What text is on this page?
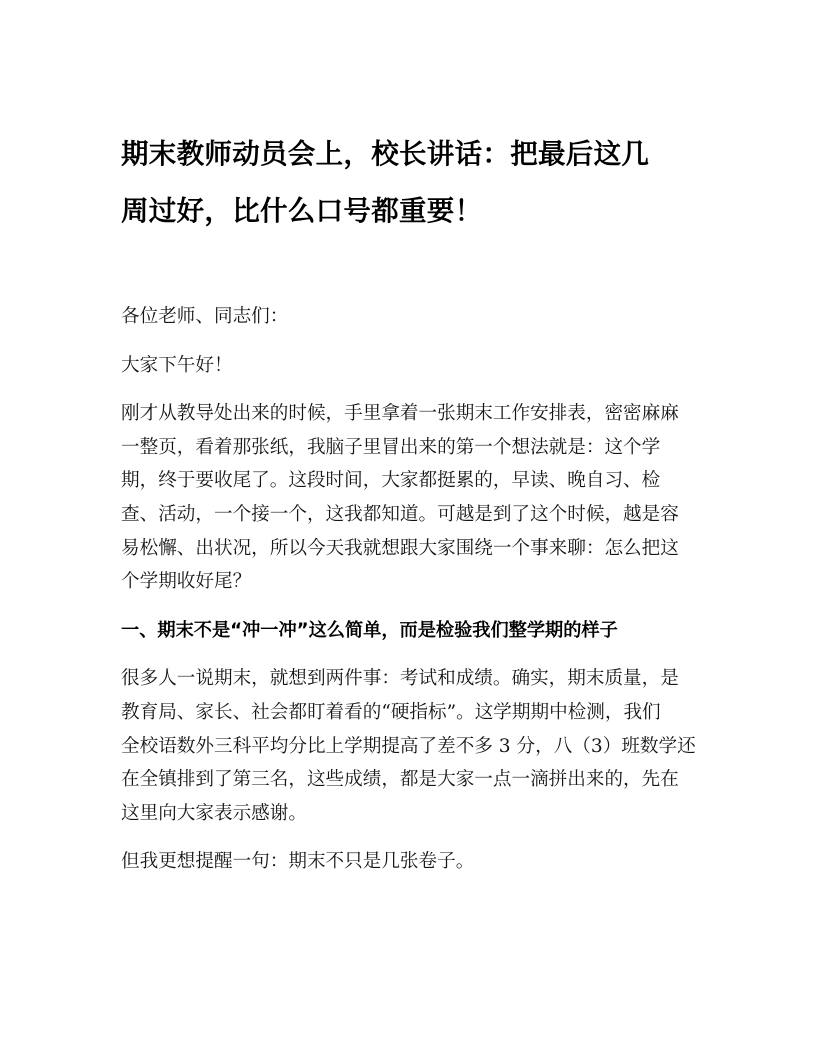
期末教师动员会上，校长讲话：把最后这几
周过好，比什么口号都重要！

各位老师、同志们：

大家下午好！

刚才从教导处出来的时候，手里拿着一张期末工作安排表，密密麻麻
一整页，看着那张纸，我脑子里冒出来的第一个想法就是：这个学
期，终于要收尾了。这段时间，大家都挺累的，早读、晚自习、检
查、活动，一个接一个，这我都知道。可越是到了这个时候，越是容
易松懈、出状况，所以今天我就想跟大家围绕一个事来聊：怎么把这
个学期收好尾？

一、期末不是“冲一冲”这么简单，而是检验我们整学期的样子

很多人一说期末，就想到两件事：考试和成绩。确实，期末质量，是
教育局、家长、社会都盯着看的“硬指标”。这学期期中检测，我们
全校语数外三科平均分比上学期提高了差不多 3 分，八（3）班数学还
在全镇排到了第三名，这些成绩，都是大家一点一滴拼出来的，先在
这里向大家表示感谢。

但我更想提醒一句：期末不只是几张卷子。
